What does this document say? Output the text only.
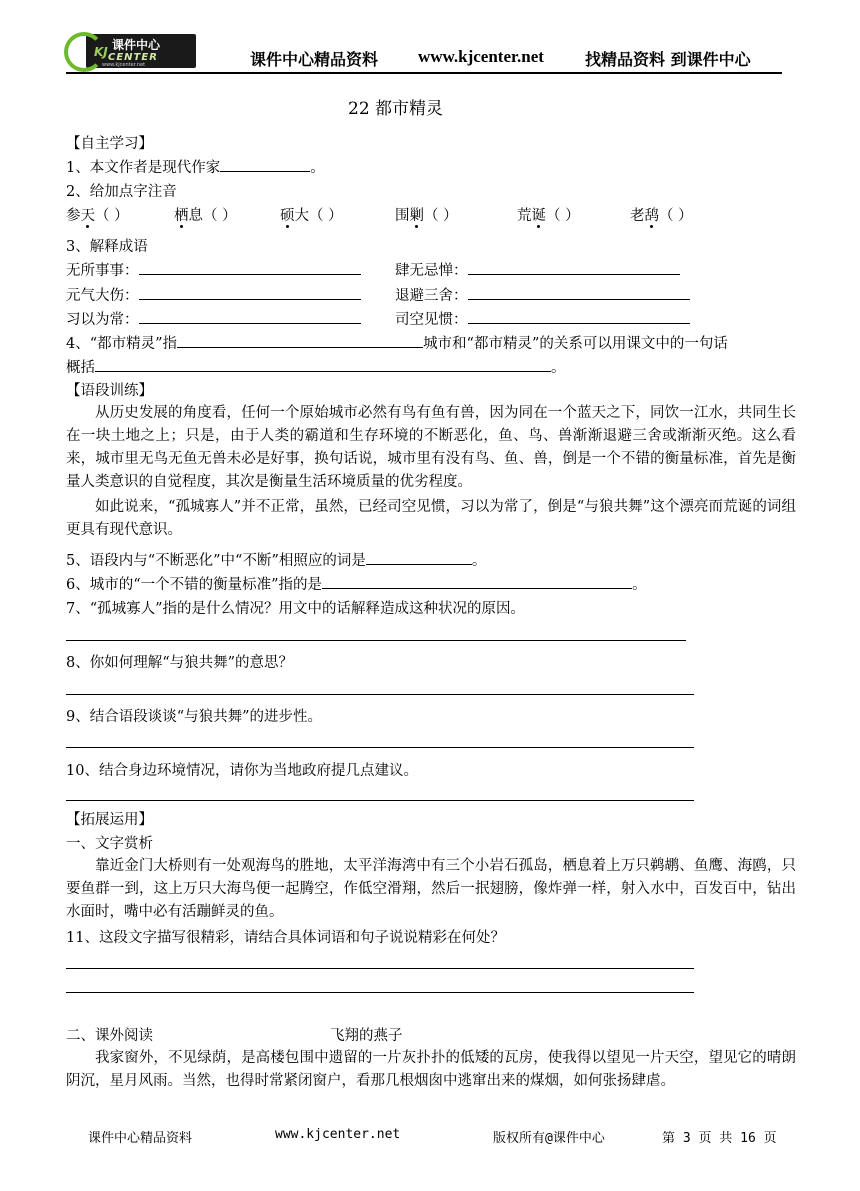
课件中心
KJ CENTER
www.kjcenter.net	课件中心精品资料 www.kjcenter.net	找精品资料 到课件中心
22 都市精灵
【自主学习】
1、本文作者是现代作家	。
2、给加点字注音
参天（ ）	栖息（ ）	硕大（ ）	围剿（ ）	荒诞（ ）	老鸹（ ）
3、解释成语
无所事事：	肆无忌惮：
元气大伤：	退避三舍：
习以为常：	司空见惯：
4、“都市精灵”指	城市和“都市精灵”的关系可以用课文中的一句话
概括	。
【语段训练】
从历史发展的角度看，任何一个原始城市必然有鸟有鱼有兽，因为同在一个蓝天之下，同饮一江水，共同生长在一块土地之上；只是，由于人类的霸道和生存环境的不断恶化，鱼、鸟、兽渐渐退避三舍或渐渐灭绝。这么看来，城市里无鸟无鱼无兽未必是好事，换句话说，城市里有没有鸟、鱼、兽，倒是一个不错的衡量标准，首先是衡量人类意识的自觉程度，其次是衡量生活环境质量的优劣程度。
如此说来，“孤城寡人”并不正常，虽然，已经司空见惯，习以为常了，倒是“与狼共舞”这个漂亮而荒诞的词组更具有现代意识。
5、语段内与“不断恶化”中“不断”相照应的词是	。
6、城市的“一个不错的衡量标准”指的是	。
7、“孤城寡人”指的是什么情况？用文中的话解释造成这种状况的原因。
8、你如何理解“与狼共舞”的意思？
9、结合语段谈谈“与狼共舞”的进步性。
10、结合身边环境情况，请你为当地政府提几点建议。
【拓展运用】
一、文字赏析
靠近金门大桥则有一处观海鸟的胜地，太平洋海湾中有三个小岩石孤岛，栖息着上万只鹈鹕、鱼鹰、海鸥，只要鱼群一到，这上万只大海鸟便一起腾空，作低空滑翔，然后一抿翅膀，像炸弹一样，射入水中，百发百中，钻出水面时，嘴中必有活蹦鲜灵的鱼。
11、这段文字描写很精彩，请结合具体词语和句子说说精彩在何处？
二、课外阅读	飞翔的燕子
我家窗外，不见绿荫，是高楼包围中遗留的一片灰扑扑的低矮的瓦房，使我得以望见一片天空，望见它的晴朗阴沉，星月风雨。当然，也得时常紧闭窗户，看那几根烟囱中逃窜出来的煤烟，如何张扬肆虐。
课件中心精品资料	www.kjcenter.net	版权所有@课件中心	第 3 页 共 16 页
